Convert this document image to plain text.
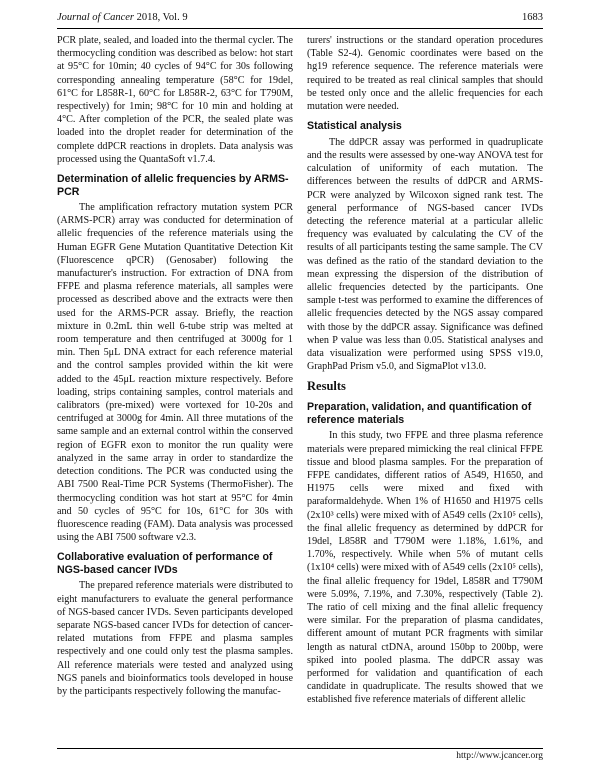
Journal of Cancer 2018, Vol. 9	1683

PCR plate, sealed, and loaded into the thermal cycler. The thermocycling condition was described as below: hot start at 95°C for 10min; 40 cycles of 94°C for 30s following corresponding annealing temperature (58°C for 19del, 61°C for L858R-1, 60°C for L858R-2, 63°C for T790M, respectively) for 1min; 98°C for 10 min and holding at 4°C. After completion of the PCR, the sealed plate was loaded into the droplet reader for determination of the complete ddPCR reactions in droplets. Data analysis was processed using the QuantaSoft v1.7.4.

Determination of allelic frequencies by ARMS-PCR

The amplification refractory mutation system PCR (ARMS-PCR) array was conducted for determination of allelic frequencies of the reference materials using the Human EGFR Gene Mutation Quantitative Detection Kit (Fluorescence qPCR) (Genosaber) following the manufacturer's instruction. For extraction of DNA from FFPE and plasma reference materials, all samples were processed as described above and the extracts were then used for the ARMS-PCR assay. Briefly, the reaction mixture in 0.2mL thin well 6-tube strip was melted at room temperature and then centrifuged at 3000g for 1 min. Then 5μL DNA extract for each reference material and the control samples provided within the kit were added to the 45μL reaction mixture respectively. Before loading, strips containing samples, control materials and calibrators (pre-mixed) were vortexed for 10-20s and centrifuged at 3000g for 4min. All three mutations of the same sample and an external control within the conserved region of EGFR exon to monitor the run quality were analyzed in the same array in order to standardize the detection conditions. The PCR was conducted using the ABI 7500 Real-Time PCR Systems (ThermoFisher). The thermocycling condition was hot start at 95°C for 4min and 50 cycles of 95°C for 10s, 61°C for 30s with fluorescence reading (FAM). Data analysis was processed using the ABI 7500 software v2.3.

Collaborative evaluation of performance of NGS-based cancer IVDs

The prepared reference materials were distributed to eight manufacturers to evaluate the general performance of NGS-based cancer IVDs. Seven participants developed separate NGS-based cancer IVDs for detection of cancer-related mutations from FFPE and plasma samples respectively and one could only test the plasma samples. All reference materials were tested and analyzed using NGS panels and bioinformatics tools developed in house by the participants respectively following the manufac-

turers' instructions or the standard operation procedures (Table S2-4). Genomic coordinates were based on the hg19 reference sequence. The reference materials were required to be treated as real clinical samples that should be tested only once and the allelic frequencies for each mutation were needed.

Statistical analysis

The ddPCR assay was performed in quadruplicate and the results were assessed by one-way ANOVA test for calculation of uniformity of each mutation. The differences between the results of ddPCR and ARMS-PCR were analyzed by Wilcoxon signed rank test. The general performance of NGS-based cancer IVDs detecting the reference material at a particular allelic frequency was evaluated by calculating the CV of the results of all participants testing the same sample. The CV was defined as the ratio of the standard deviation to the mean expressing the dispersion of the distribution of allelic frequencies detected by the participants. One sample t-test was performed to examine the differences of allelic frequencies detected by the NGS assay compared with those by the ddPCR assay. Significance was defined when P value was less than 0.05. Statistical analyses and data visualization were performed using SPSS v19.0, GraphPad Prism v5.0, and SigmaPlot v13.0.

Results
Preparation, validation, and quantification of reference materials

In this study, two FFPE and three plasma reference materials were prepared mimicking the real clinical FFPE tissue and blood plasma samples. For the preparation of FFPE candidates, different ratios of A549, H1650, and H1975 cells were mixed and fixed with paraformaldehyde. When 1% of H1650 and H1975 cells (2x10³ cells) were mixed with of A549 cells (2x10⁵ cells), the final allelic frequency as determined by ddPCR for 19del, L858R and T790M were 1.18%, 1.61%, and 1.70%, respectively. While when 5% of mutant cells (1x10⁴ cells) were mixed with of A549 cells (2x10⁵ cells), the final allelic frequency for 19del, L858R and T790M were 5.09%, 7.19%, and 7.30%, respectively (Table 2). The ratio of cell mixing and the final allelic frequency were similar. For the preparation of plasma candidates, different amount of mutant PCR fragments with similar length as natural ctDNA, around 150bp to 200bp, were spiked into pooled plasma. The ddPCR assay was performed for validation and quantification of each candidate in quadruplicate. The results showed that we established five reference materials of different allelic

http://www.jcancer.org
